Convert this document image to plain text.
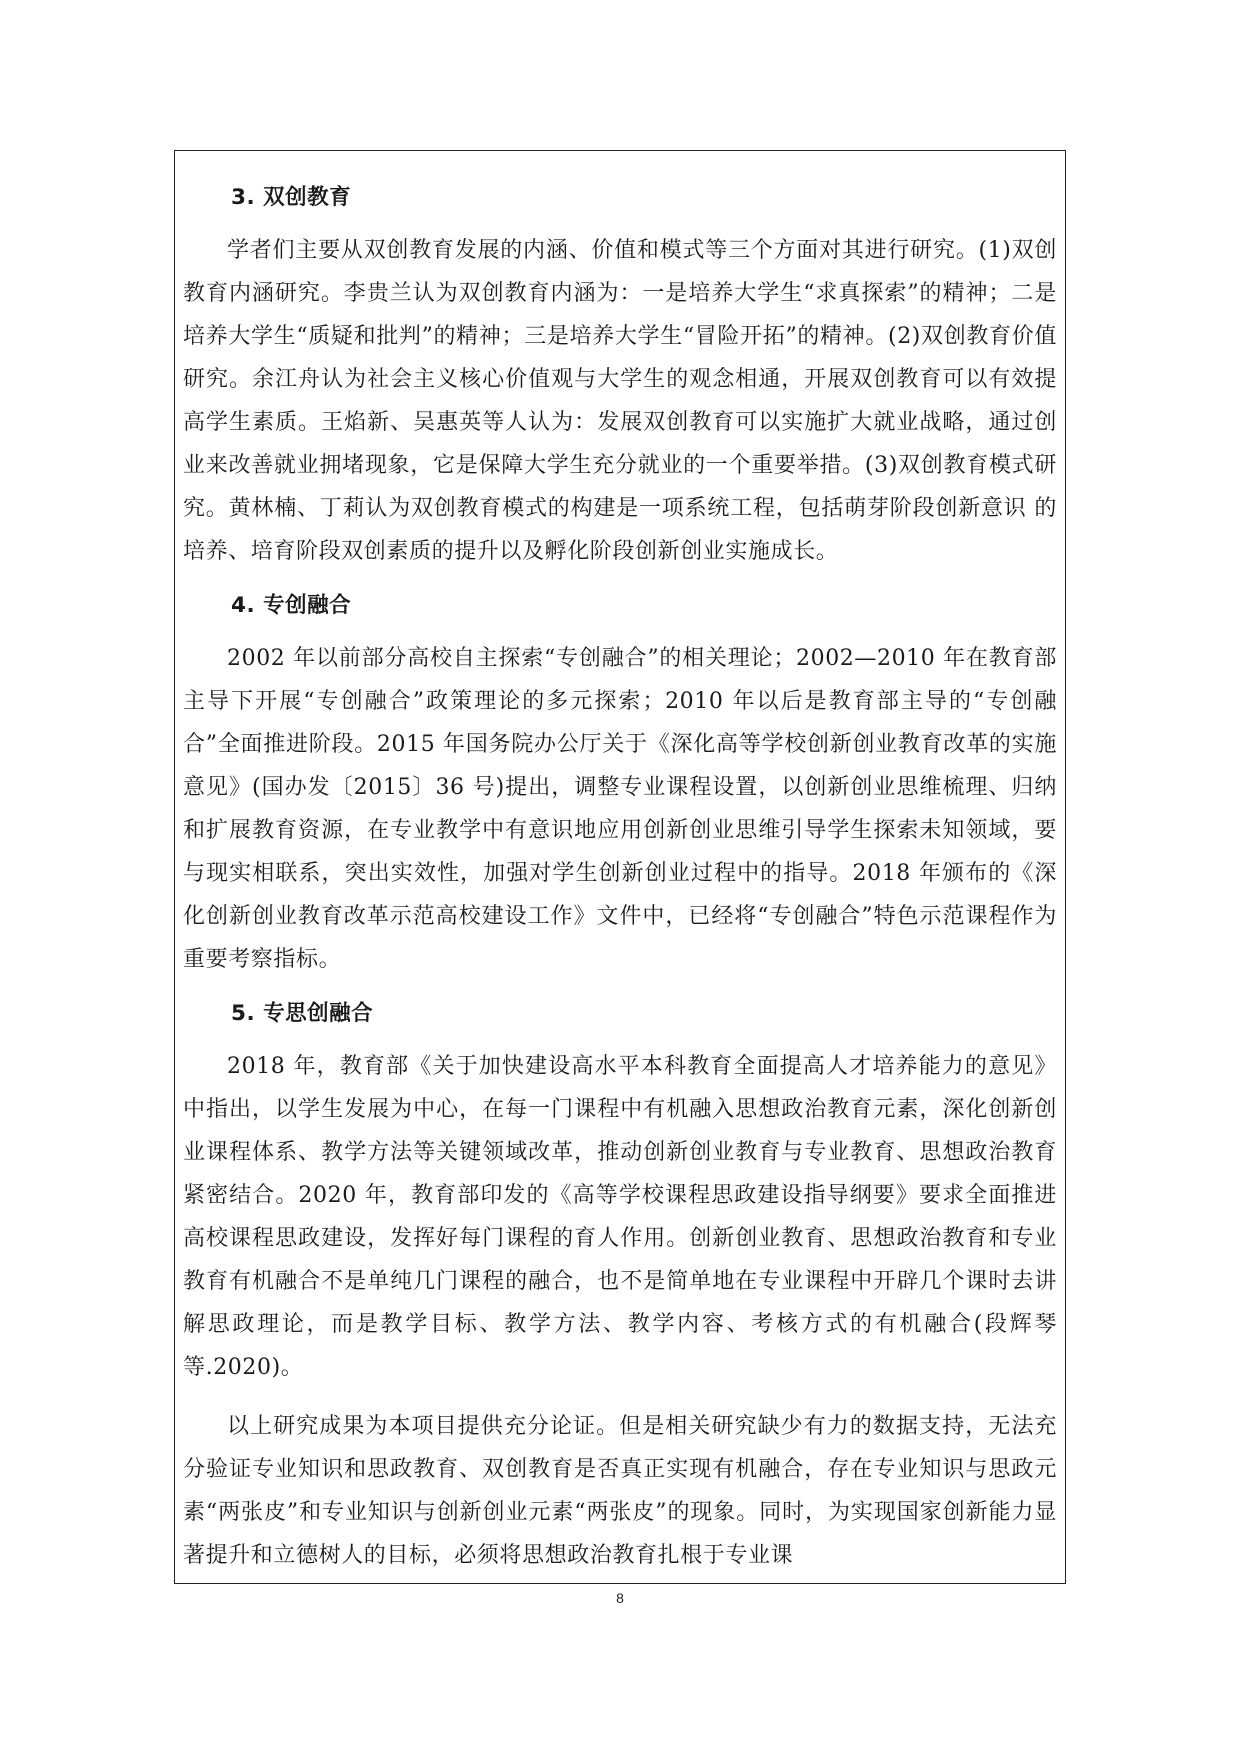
3. 双创教育

学者们主要从双创教育发展的内涵、价值和模式等三个方面对其进行研究。(1)双创教育内涵研究。李贵兰认为双创教育内涵为：一是培养大学生“求真探索”的精神；二是培养大学生“质疑和批判”的精神；三是培养大学生“冒险开拓”的精神。(2)双创教育价值研究。余江舟认为社会主义核心价值观与大学生的观念相通，开展双创教育可以有效提高学生素质。王焰新、吴惠英等人认为：发展双创教育可以实施扩大就业战略，通过创业来改善就业拥堵现象，它是保障大学生充分就业的一个重要举措。(3)双创教育模式研究。黄林楠、丁莉认为双创教育模式的构建是一项系统工程，包括萌芽阶段创新意识 的培养、培育阶段双创素质的提升以及孵化阶段创新创业实施成长。

4. 专创融合

2002 年以前部分高校自主探索“专创融合”的相关理论；2002—2010 年在教育部主导下开展“专创融合”政策理论的多元探索；2010 年以后是教育部主导的“专创融合”全面推进阶段。2015 年国务院办公厅关于《深化高等学校创新创业教育改革的实施意见》(国办发〔2015〕36 号)提出，调整专业课程设置，以创新创业思维梳理、归纳和扩展教育资源，在专业教学中有意识地应用创新创业思维引导学生探索未知领域，要与现实相联系，突出实效性，加强对学生创新创业过程中的指导。2018 年颁布的《深化创新创业教育改革示范高校建设工作》文件中，已经将“专创融合”特色示范课程作为重要考察指标。

5. 专思创融合

2018 年，教育部《关于加快建设高水平本科教育全面提高人才培养能力的意见》中指出，以学生发展为中心，在每一门课程中有机融入思想政治教育元素，深化创新创业课程体系、教学方法等关键领域改革，推动创新创业教育与专业教育、思想政治教育紧密结合。2020 年，教育部印发的《高等学校课程思政建设指导纲要》要求全面推进高校课程思政建设，发挥好每门课程的育人作用。创新创业教育、思想政治教育和专业教育有机融合不是单纯几门课程的融合，也不是简单地在专业课程中开辟几个课时去讲解思政理论，而是教学目标、教学方法、教学内容、考核方式的有机融合(段辉琴等.2020)。

以上研究成果为本项目提供充分论证。但是相关研究缺少有力的数据支持，无法充分验证专业知识和思政教育、双创教育是否真正实现有机融合，存在专业知识与思政元素“两张皮”和专业知识与创新创业元素“两张皮”的现象。同时，为实现国家创新能力显著提升和立德树人的目标，必须将思想政治教育扎根于专业课

8
